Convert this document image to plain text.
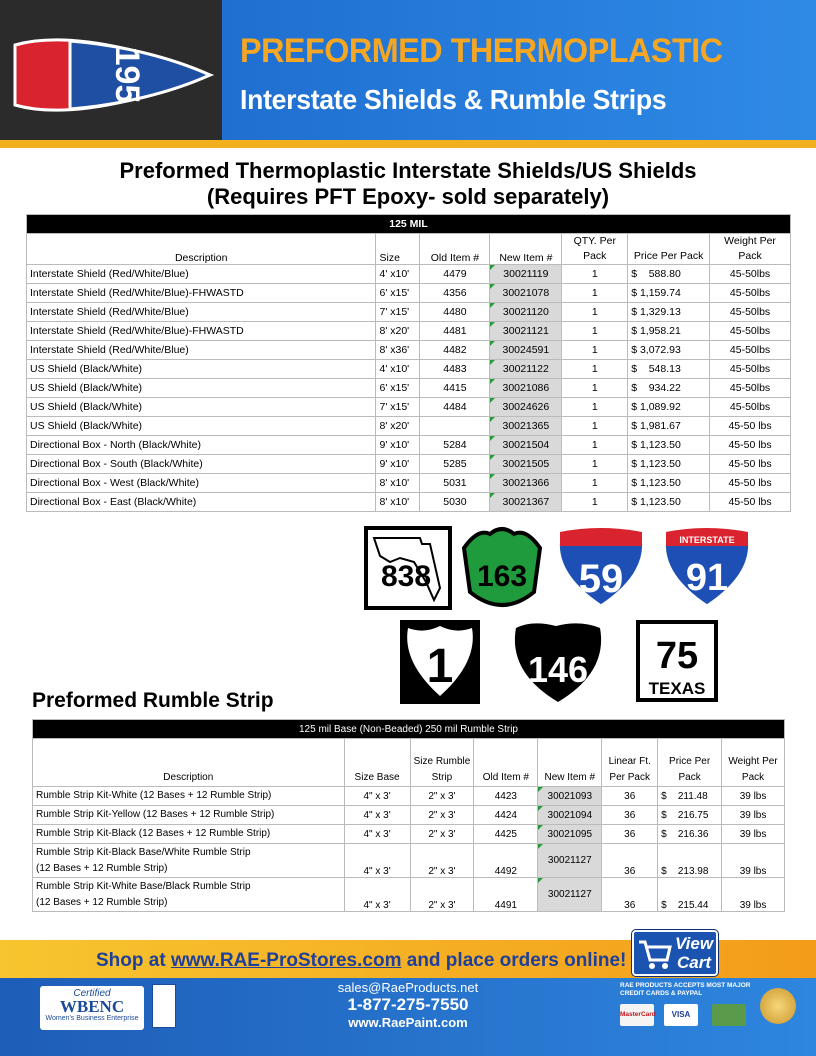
195	PREFORMED THERMOPLASTIC
Interstate Shields & Rumble Strips
Preformed Thermoplastic Interstate Shields/US Shields
(Requires PFT Epoxy- sold separately)
125 MIL						
Description	Size	Old Item #	New Item #	QTY. Per Pack	Price Per Pack	Weight Per Pack
Interstate Shield (Red/White/Blue)	4' x10'	4479	30021119	1	$    588.80	45-50lbs
Interstate Shield (Red/White/Blue)-FHWASTD	6' x15'	4356	30021078	1	$ 1,159.74	45-50lbs
Interstate Shield (Red/White/Blue)	7' x15'	4480	30021120	1	$ 1,329.13	45-50lbs
Interstate Shield (Red/White/Blue)-FHWASTD	8' x20'	4481	30021121	1	$ 1,958.21	45-50lbs
Interstate Shield (Red/White/Blue)	8' x36'	4482	30024591	1	$ 3,072.93	45-50lbs
US Shield (Black/White)	4' x10'	4483	30021122	1	$    548.13	45-50lbs
US Shield (Black/White)	6' x15'	4415	30021086	1	$    934.22	45-50lbs
US Shield (Black/White)	7' x15'	4484	30024626	1	$ 1,089.92	45-50lbs
US Shield (Black/White)	8' x20'		30021365	1	$ 1,981.67	45-50 lbs
Directional Box - North (Black/White)	9' x10'	5284	30021504	1	$ 1,123.50	45-50 lbs
Directional Box - South (Black/White)	9' x10'	5285	30021505	1	$ 1,123.50	45-50 lbs
Directional Box - West (Black/White)	8' x10'	5031	30021366	1	$ 1,123.50	45-50 lbs
Directional Box - East (Black/White)	8' x10'	5030	30021367	1	$ 1,123.50	45-50 lbs
838 163 59
INTERSTATE
91
1 146 75
TEXAS
Preformed Rumble Strip
125 mil Base (Non-Beaded) 250 mil Rumble Strip							
Description	Size Base	Size Rumble Strip	Old Item #	New Item #	Linear Ft. Per Pack	Price Per Pack	Weight Per Pack

Rumble Strip Kit-White (12 Bases + 12 Rumble Strip)	4" x 3'	2" x 3'	4423	30021093	36	$    211.48	39 lbs

Rumble Strip Kit-Yellow (12 Bases + 12 Rumble Strip)	4" x 3'	2" x 3'	4424	30021094	36	$    216.75	39 lbs

Rumble Strip Kit-Black (12 Bases + 12 Rumble Strip)	4" x 3'	2" x 3'	4425	30021095	36	$    216.36	39 lbs

Rumble Strip Kit-Black Base/White Rumble Strip
(12 Bases + 12 Rumble Strip)	4" x 3'	2" x 3'	4492	30021127	36	$    213.98	39 lbs

Rumble Strip Kit-White Base/Black Rumble Strip
(12 Bases + 12 Rumble Strip)	4" x 3'	2" x 3'	4491	30021127	36	$    215.44	39 lbs
Shop at www.RAE-ProStores.com and place orders online!
View
Cart
Certified
WBENC
Women's Business Enterprise
sales@RaeProducts.net
1-877-275-7550
www.RaePaint.com
RAE PRODUCTS ACCEPTS MOST MAJOR CREDIT CARDS & PAYPAL
MasterCard	VISA
